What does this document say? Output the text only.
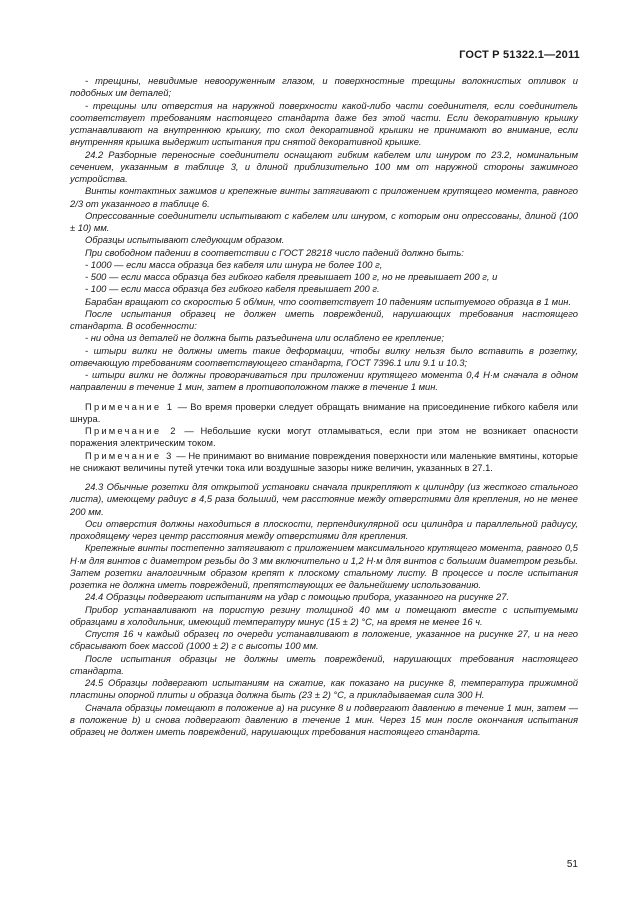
ГОСТ Р 51322.1—2011

- трещины, невидимые невооруженным глазом, и поверхностные трещины волокнистых отливок и подобных им деталей;

- трещины или отверстия на наружной поверхности какой-либо части соединителя, если соединитель соответствует требованиям настоящего стандарта даже без этой части. Если декоративную крышку устанавливают на внутреннюю крышку, то скол декоративной крышки не принимают во внимание, если внутренняя крышка выдержит испытания при снятой декоративной крышке.

24.2 Разборные переносные соединители оснащают гибким кабелем или шнуром по 23.2, номинальным сечением, указанным в таблице 3, и длиной приблизительно 100 мм от наружной стороны зажимного устройства.

Винты контактных зажимов и крепежные винты затягивают с приложением крутящего момента, равного 2/3 от указанного в таблице 6.

Опрессованные соединители испытывают с кабелем или шнуром, с которым они опрессованы, длиной (100 ± 10) мм.

Образцы испытывают следующим образом.

При свободном падении в соответствии с ГОСТ 28218 число падений должно быть:

- 1000 — если масса образца без кабеля или шнура не более 100 г,

- 500 — если масса образца без гибкого кабеля превышает 100 г, но не превышает 200 г, и

- 100 — если масса образца без гибкого кабеля превышает 200 г.

Барабан вращают со скоростью 5 об/мин, что соответствует 10 падениям испытуемого образца в 1 мин.

После испытания образец не должен иметь повреждений, нарушающих требования настоящего стандарта. В особенности:

- ни одна из деталей не должна быть разъединена или ослаблено ее крепление;

- штыри вилки не должны иметь такие деформации, чтобы вилку нельзя было вставить в розетку, отвечающую требованиям соответствующего стандарта, ГОСТ 7396.1 или 9.1 и 10.3;

- штыри вилки не должны проворачиваться при приложении крутящего момента 0,4 Н·м сначала в одном направлении в течение 1 мин, затем в противоположном также в течение 1 мин.

Примечание 1 — Во время проверки следует обращать внимание на присоединение гибкого кабеля или шнура.

Примечание 2 — Небольшие куски могут отламываться, если при этом не возникает опасности поражения электрическим током.

Примечание 3 — Не принимают во внимание повреждения поверхности или маленькие вмятины, которые не снижают величины путей утечки тока или воздушные зазоры ниже величин, указанных в 27.1.

24.3 Обычные розетки для открытой установки сначала прикрепляют к цилиндру (из жесткого стального листа), имеющему радиус в 4,5 раза больший, чем расстояние между отверстиями для крепления, но не менее 200 мм.

Оси отверстия должны находиться в плоскости, перпендикулярной оси цилиндра и параллельной радиусу, проходящему через центр расстояния между отверстиями для крепления.

Крепежные винты постепенно затягивают с приложением максимального крутящего момента, равного 0,5 Н·м для винтов с диаметром резьбы до 3 мм включительно и 1,2 Н·м для винтов с большим диаметром резьбы. Затем розетки аналогичным образом крепят к плоскому стальному листу. В процессе и после испытания розетка не должна иметь повреждений, препятствующих ее дальнейшему использованию.

24.4 Образцы подвергают испытаниям на удар с помощью прибора, указанного на рисунке 27.

Прибор устанавливают на пористую резину толщиной 40 мм и помещают вместе с испытуемыми образцами в холодильник, имеющий температуру минус (15 ± 2) °С, на время не менее 16 ч.

Спустя 16 ч каждый образец по очереди устанавливают в положение, указанное на рисунке 27, и на него сбрасывают боек массой (1000 ± 2) г с высоты 100 мм.

После испытания образцы не должны иметь повреждений, нарушающих требования настоящего стандарта.

24.5 Образцы подвергают испытаниям на сжатие, как показано на рисунке 8, температура прижимной пластины опорной плиты и образца должна быть (23 ± 2) °С, а прикладываемая сила 300 Н.

Сначала образцы помещают в положение а) на рисунке 8 и подвергают давлению в течение 1 мин, затем — в положение b) и снова подвергают давлению в течение 1 мин. Через 15 мин после окончания испытания образец не должен иметь повреждений, нарушающих требования настоящего стандарта.

51
